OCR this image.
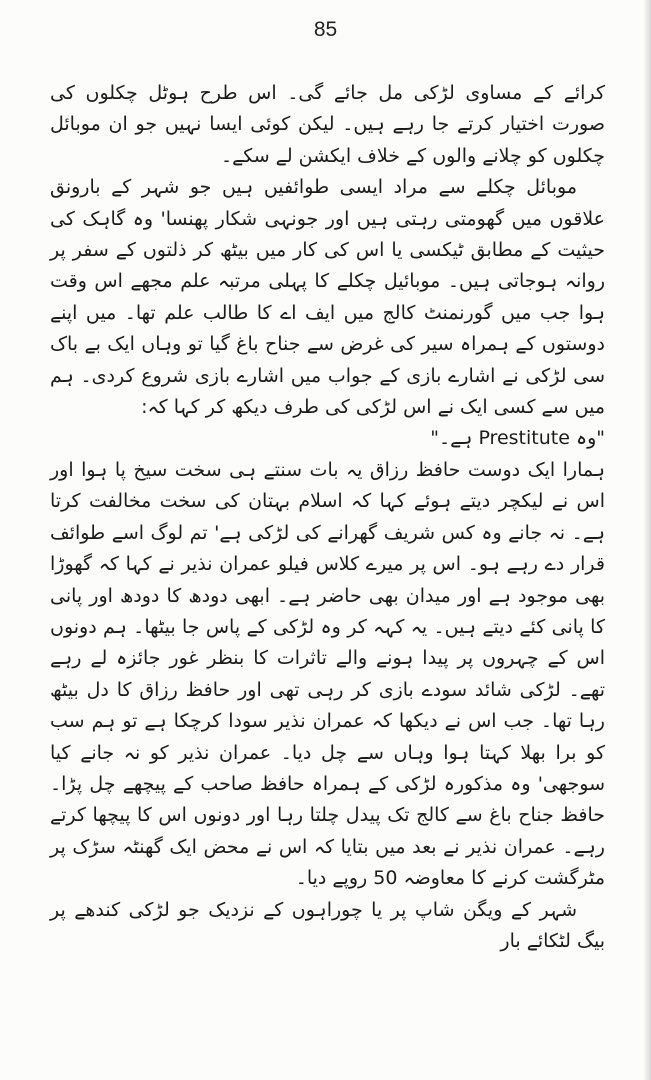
85

کرائے کے مساوی لڑکی مل جائے گی۔ اس طرح ہوٹل چکلوں کی صورت اختیار کرتے جا رہے ہیں۔ لیکن کوئی ایسا نہیں جو ان موبائل چکلوں کو چلانے والوں کے خلاف ایکشن لے سکے۔

موبائل چکلے سے مراد ایسی طوائفیں ہیں جو شہر کے بارونق علاقوں میں گھومتی رہتی ہیں اور جونہی شکار پھنسا' وہ گاہک کی حیثیت کے مطابق ٹیکسی یا اس کی کار میں بیٹھ کر ذلتوں کے سفر پر روانہ ہوجاتی ہیں۔ موبائیل چکلے کا پہلی مرتبہ علم مجھے اس وقت ہوا جب میں گورنمنٹ کالج میں ایف اے کا طالب علم تھا۔ میں اپنے دوستوں کے ہمراہ سیر کی غرض سے جناح باغ گیا تو وہاں ایک بے باک سی لڑکی نے اشارے بازی کے جواب میں اشارے بازی شروع کردی۔ ہم میں سے کسی ایک نے اس لڑکی کی طرف دیکھ کر کہا کہ:

"وہ Prestitute ہے۔"

ہمارا ایک دوست حافظ رزاق یہ بات سنتے ہی سخت سیخ پا ہوا اور اس نے لیکچر دیتے ہوئے کہا کہ اسلام بہتان کی سخت مخالفت کرتا ہے۔ نہ جانے وہ کس شریف گھرانے کی لڑکی ہے' تم لوگ اسے طوائف قرار دے رہے ہو۔ اس پر میرے کلاس فیلو عمران نذیر نے کہا کہ گھوڑا بھی موجود ہے اور میدان بھی حاضر ہے۔ ابھی دودھ کا دودھ اور پانی کا پانی کئے دیتے ہیں۔ یہ کہہ کر وہ لڑکی کے پاس جا بیٹھا۔ ہم دونوں اس کے چہروں پر پیدا ہونے والے تاثرات کا بنظر غور جائزہ لے رہے تھے۔ لڑکی شائد سودے بازی کر رہی تھی اور حافظ رزاق کا دل بیٹھ رہا تھا۔ جب اس نے دیکھا کہ عمران نذیر سودا کرچکا ہے تو ہم سب کو برا بھلا کہتا ہوا وہاں سے چل دیا۔ عمران نذیر کو نہ جانے کیا سوجھی' وہ مذکورہ لڑکی کے ہمراہ حافظ صاحب کے پیچھے چل پڑا۔ حافظ جناح باغ سے کالج تک پیدل چلتا رہا اور دونوں اس کا پیچھا کرتے رہے۔ عمران نذیر نے بعد میں بتایا کہ اس نے محض ایک گھنٹہ سڑک پر مٹرگشت کرنے کا معاوضہ 50 روپے دیا۔

شہر کے ویگن شاپ پر یا چوراہوں کے نزدیک جو لڑکی کندھے پر بیگ لٹکائے بار
